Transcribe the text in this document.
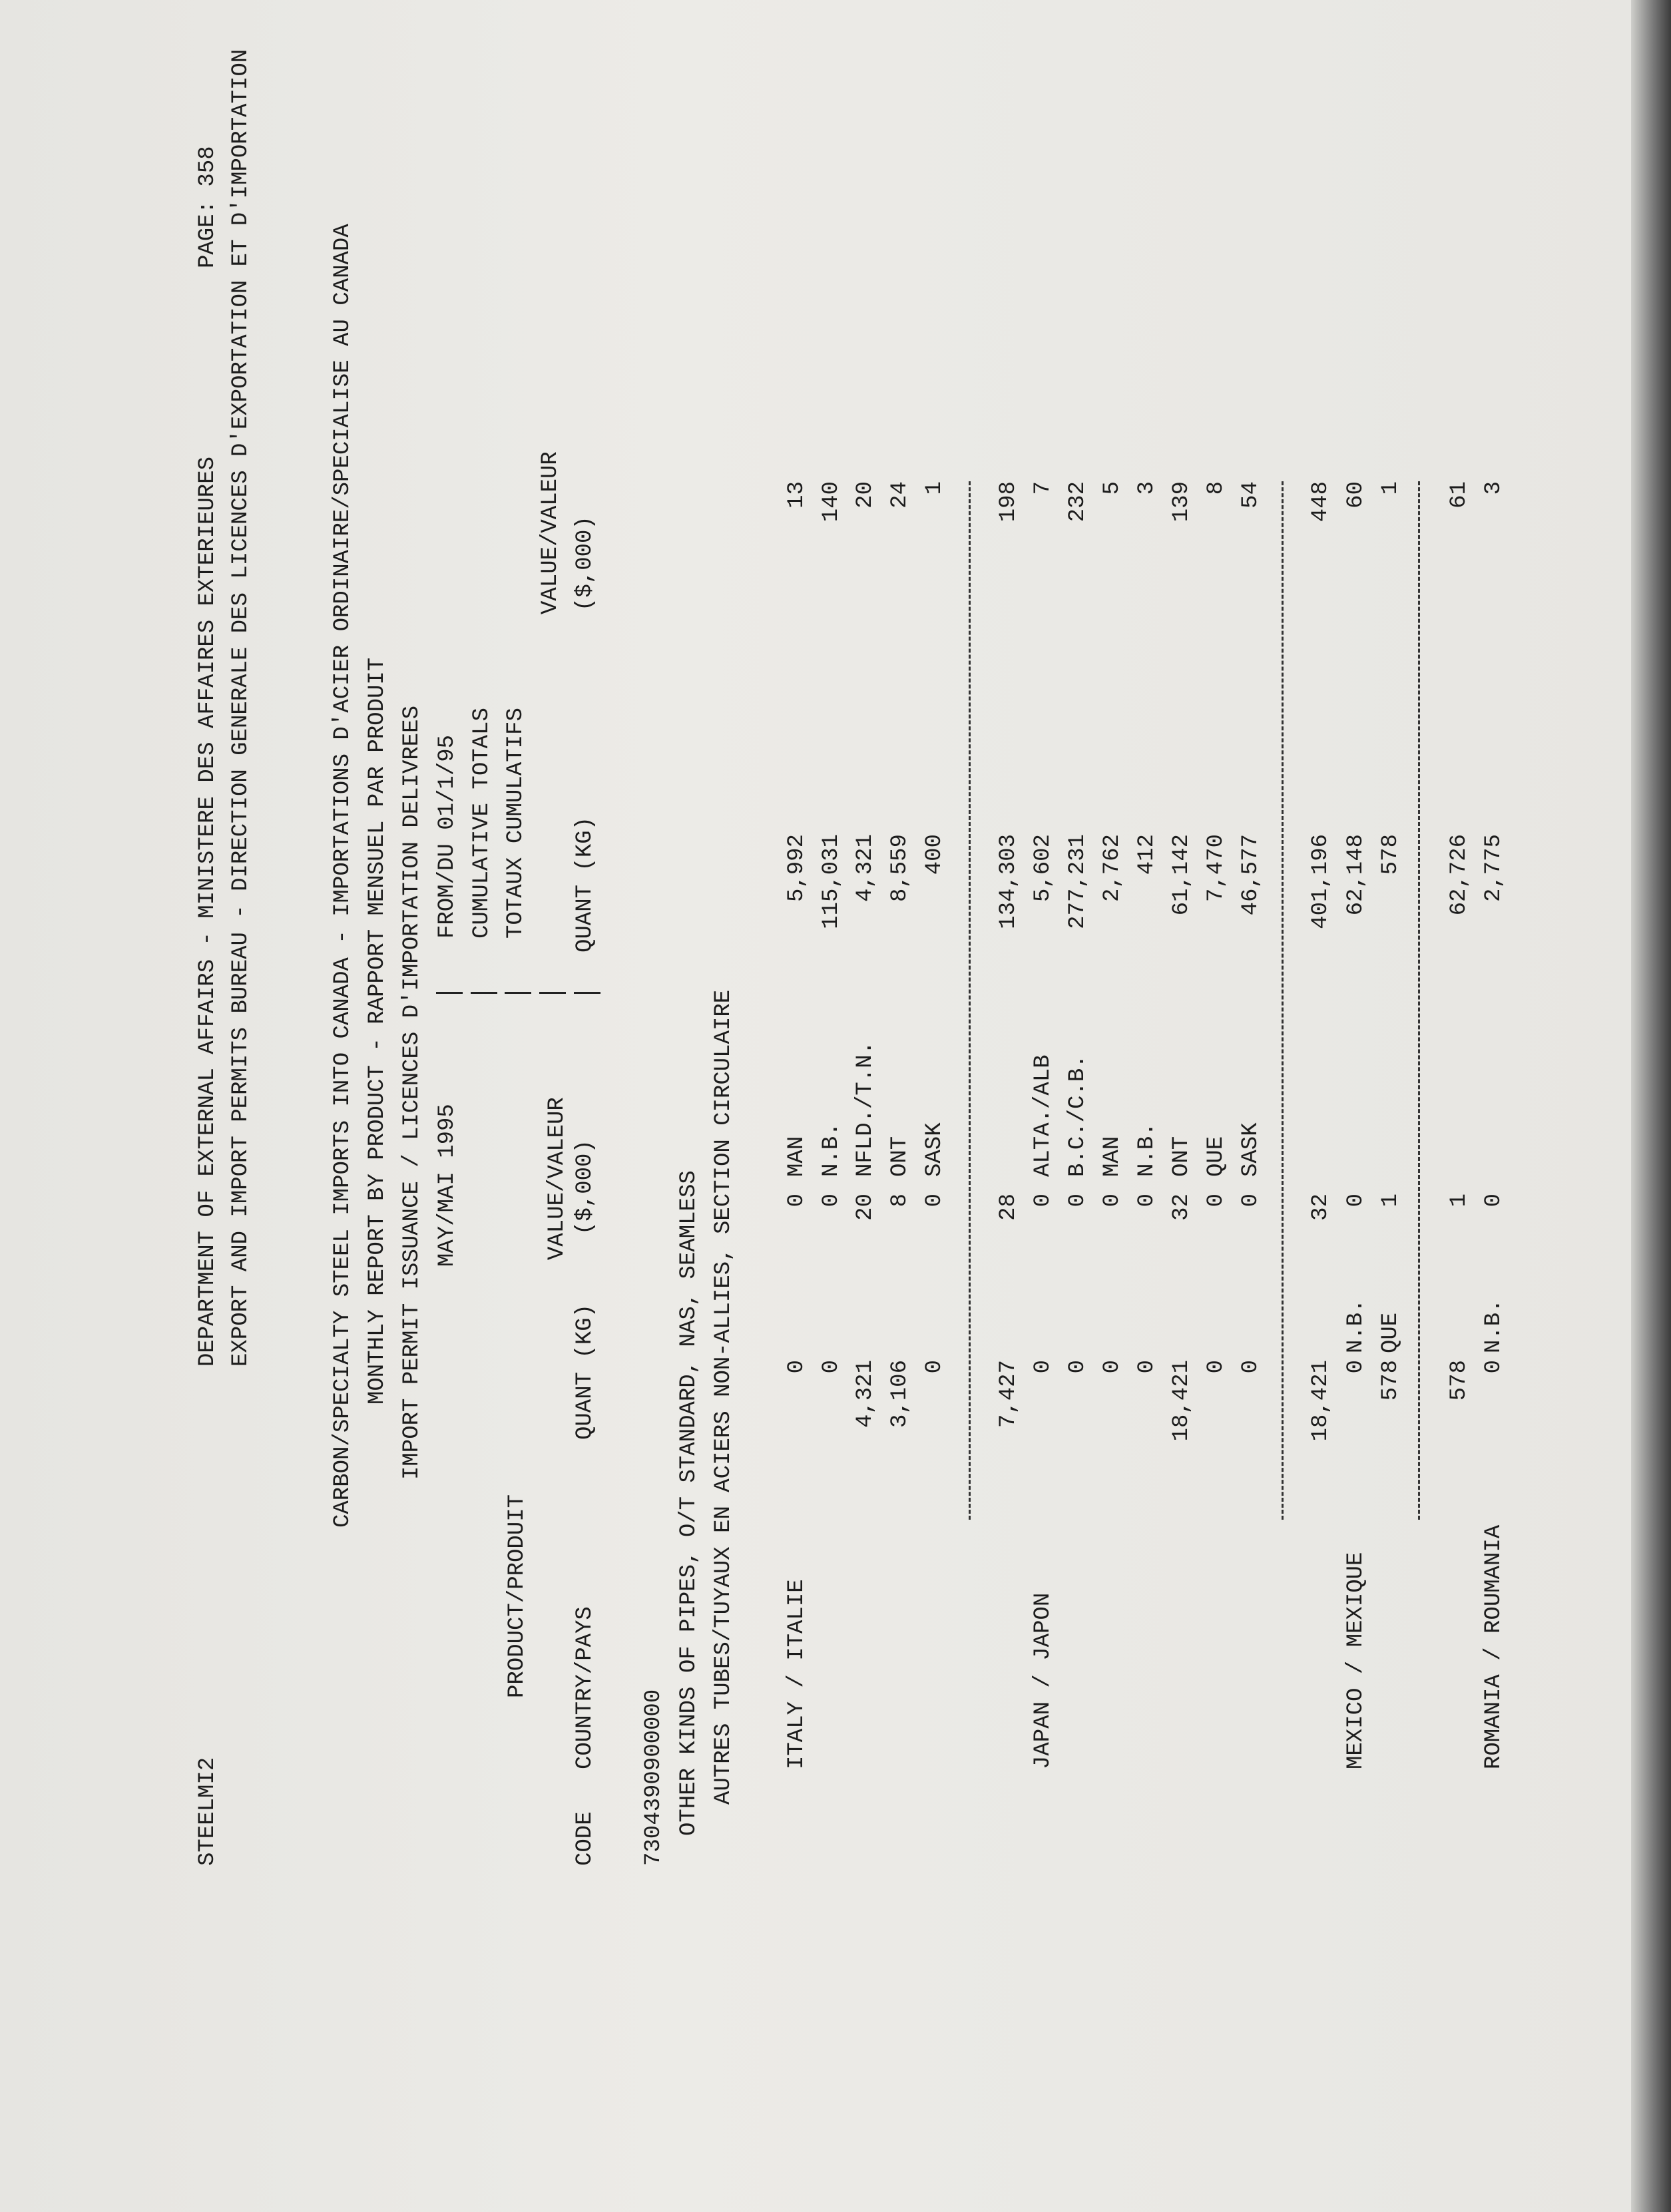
STEELMI2
DEPARTMENT OF EXTERNAL AFFAIRS - MINISTERE DES AFFAIRES EXTERIEURES
PAGE: 358 EXPORT AND IMPORT PERMITS BUREAU - DIRECTION GENERALE DES LICENCES D'EXPORTATION ET D'IMPORTATION	CARBON/SPECIALTY STEEL IMPORTS INTO CANADA - IMPORTATIONS D'ACIER ORDINAIRE/SPECIALISE AU CANADA MONTHLY REPORT BY PRODUCT - RAPPORT MENSUEL PAR PRODUIT IMPORT PERMIT ISSUANCE / LICENCES D'IMPORTATION DELIVREES MAY/MAI 1995
FROM/DU 01/1/95 CUMULATIVE TOTALS TOTAUX CUMULATIFS
PRODUCT/PRODUIT
VALUE/VALEUR
VALUE/VALEUR
CODE
COUNTRY/PAYS
QUANT (KG)
($,000)
QUANT (KG)
($,000)
7304390900000 OTHER KINDS OF PIPES, O/T STANDARD, NAS, SEAMLESS AUTRES TUBES/TUYAUX EN ACIERS NON-ALLIES, SECTION CIRCULAIRE ITALY / ITALIE
MAN
0
0
5,992
13
N.B.
0
0
115,031
140
NFLD./T.N.
4,321
20
4,321
20
ONT
3,106
8
8,559
24
SASK
0
0
400
1
7,427
28
134,303
198
JAPAN / JAPON
ALTA./ALB
0
0
5,602
7
B.C./C.B.
0
0
277,231
232
MAN
0
0
2,762
5
N.B.
0
0
412
3
ONT
18,421
32
61,142
139
QUE
0
0
7,470
8
SASK
0
0
46,577
54
18,421
32
401,196
448
MEXICO / MEXIQUE
N.B.
0
0
62,148
60
QUE
578
1
578
1
578
1
62,726
61
ROMANIA / ROUMANIA
N.B.
0
0
2,775
3
